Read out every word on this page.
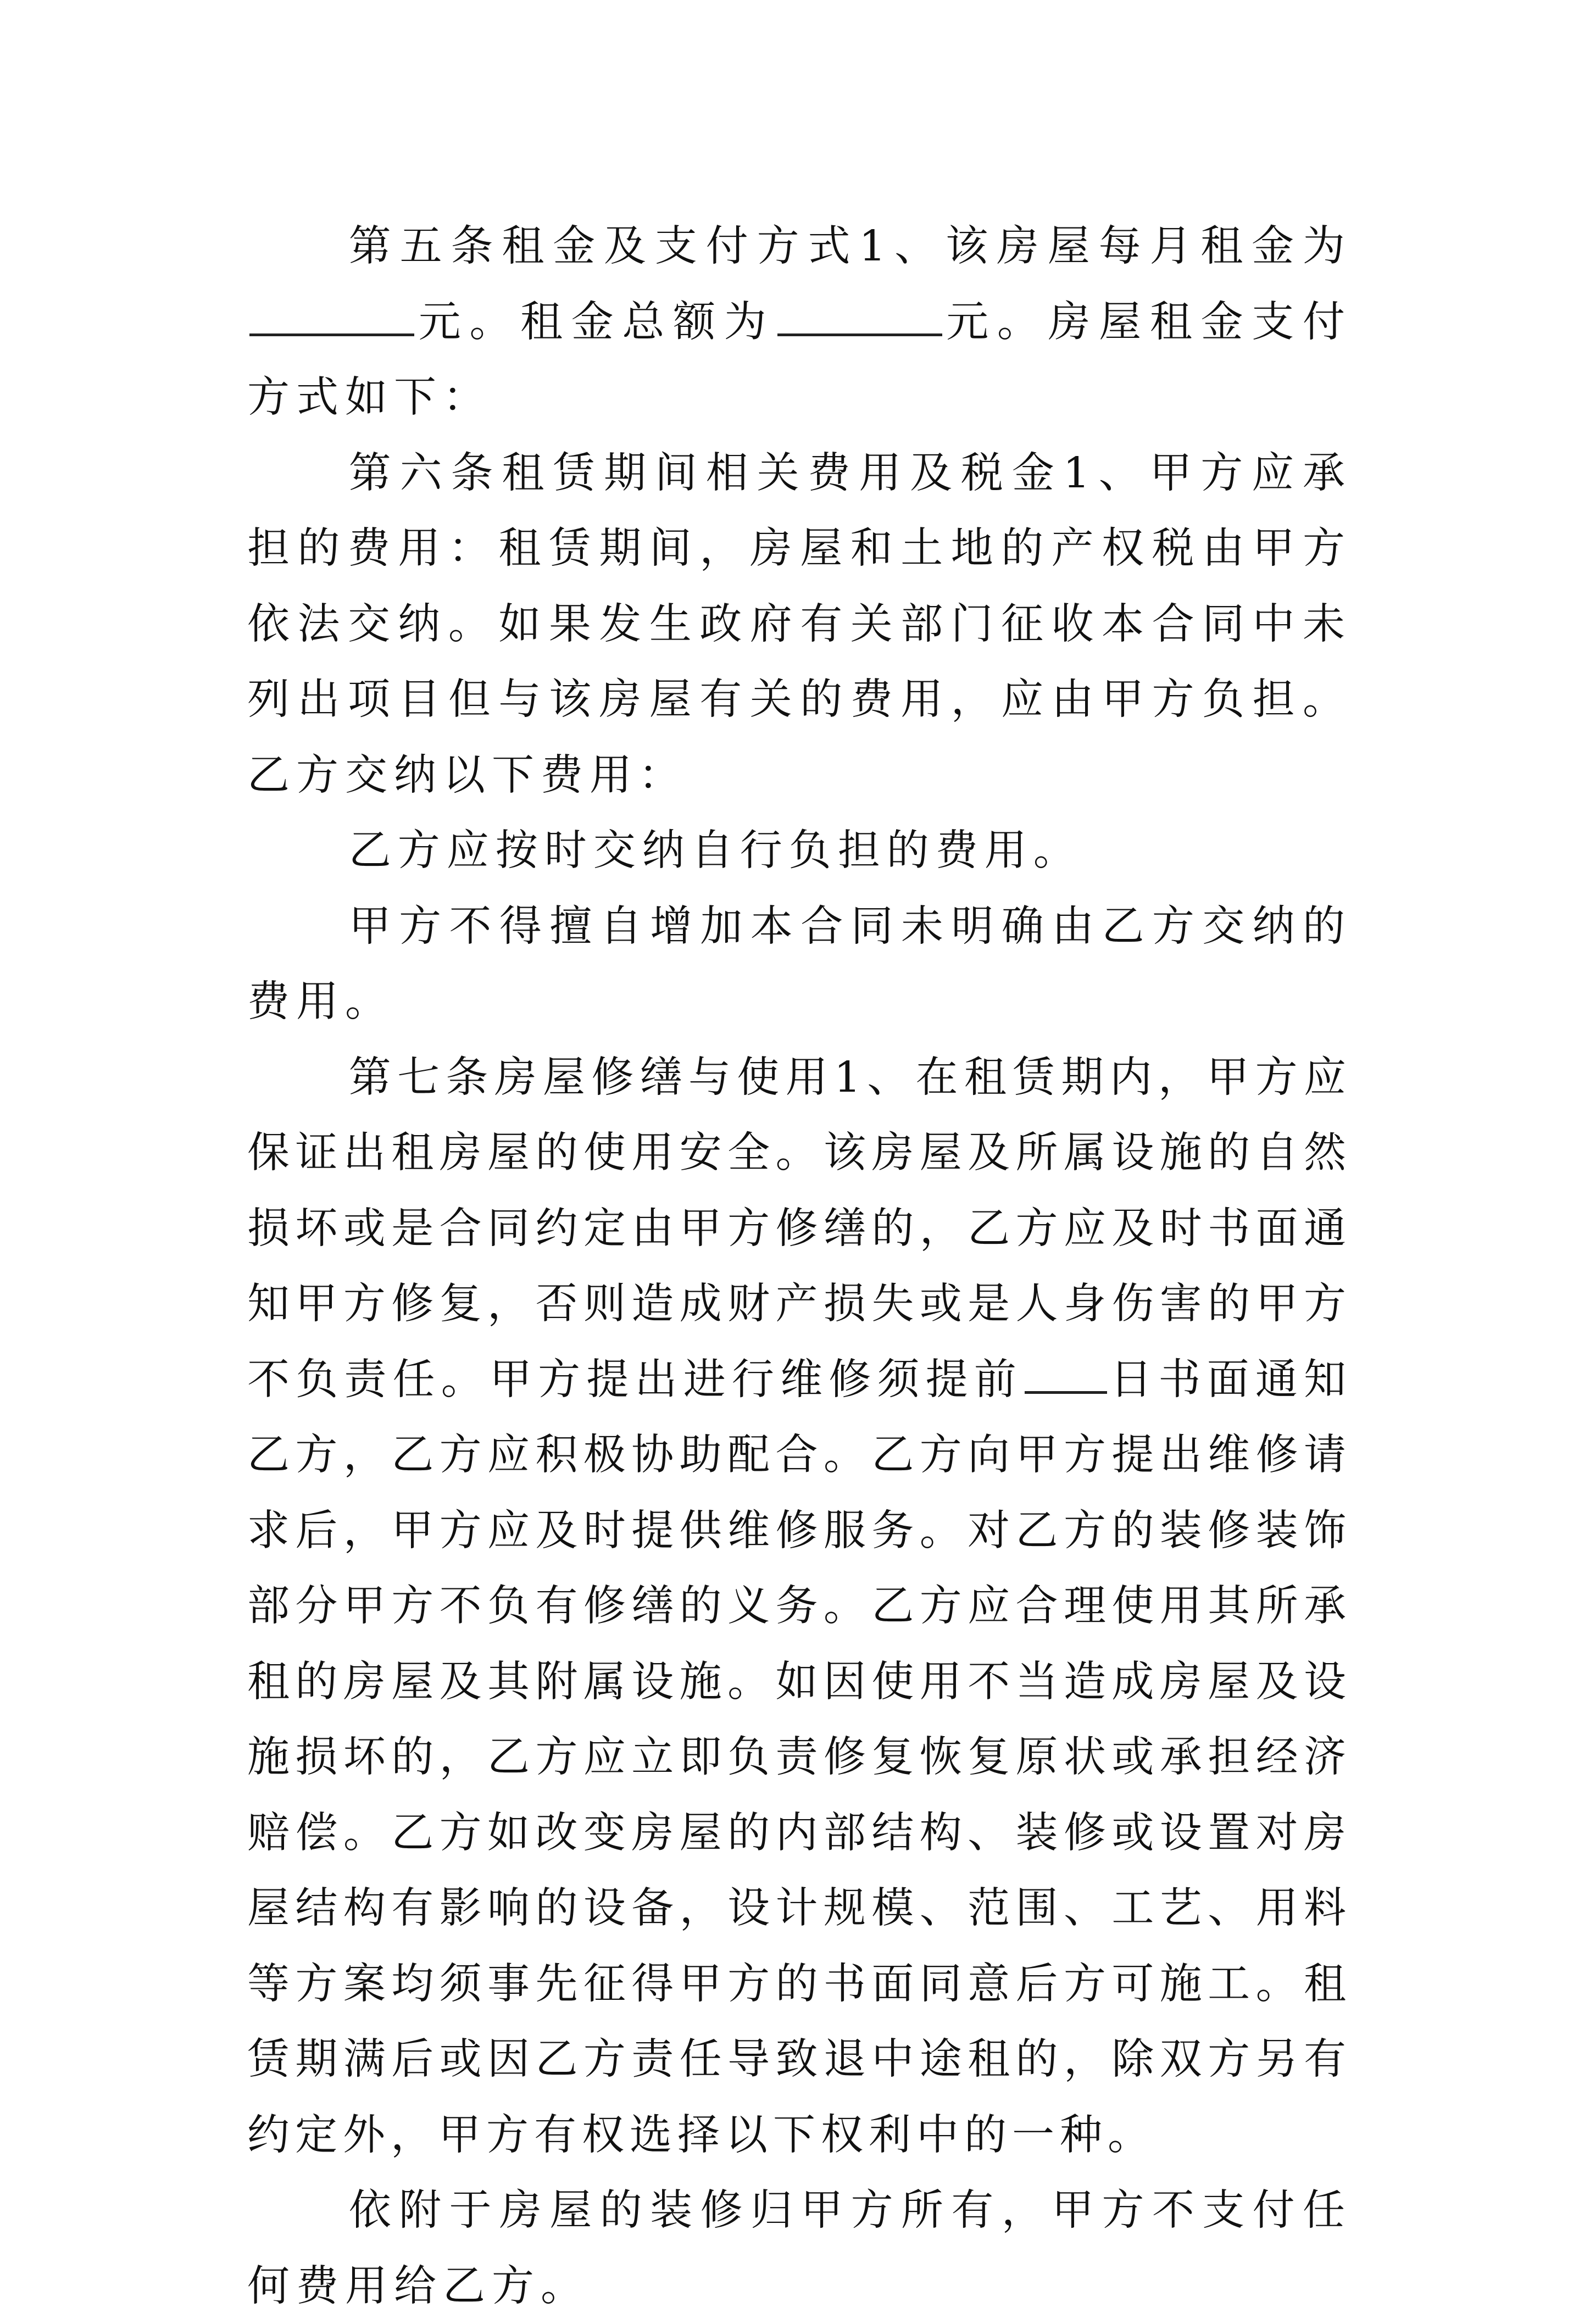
第五条租金及支付方式1、该房屋每月租金为元。租金总额为	元。房屋租金支付方式如下：

第六条租赁期间相关费用及税金1、甲方应承担的费用：租赁期间，房屋和土地的产权税由甲方依法交纳。如果发生政府有关部门征收本合同中未列出项目但与该房屋有关的费用，应由甲方负担。乙方交纳以下费用：

乙方应按时交纳自行负担的费用。

甲方不得擅自增加本合同未明确由乙方交纳的费用。

第七条房屋修缮与使用1、在租赁期内，甲方应保证出租房屋的使用安全。该房屋及所属设施的自然损坏或是合同约定由甲方修缮的，乙方应及时书面通知甲方修复，否则造成财产损失或是人身伤害的甲方不负责任。甲方提出进行维修须提前 日书面通知乙方，乙方应积极协助配合。乙方向甲方提出维修请求后，甲方应及时提供维修服务。对乙方的装修装饰部分甲方不负有修缮的义务。乙方应合理使用其所承租的房屋及其附属设施。如因使用不当造成房屋及设施损坏的，乙方应立即负责修复恢复原状或承担经济赔偿。乙方如改变房屋的内部结构、装修或设置对房屋结构有影响的设备，设计规模、范围、工艺、用料等方案均须事先征得甲方的书面同意后方可施工。租赁期满后或因乙方责任导致退中途租的，除双方另有约定外，甲方有权选择以下权利中的一种。

依附于房屋的装修归甲方所有，甲方不支付任何费用给乙方。
